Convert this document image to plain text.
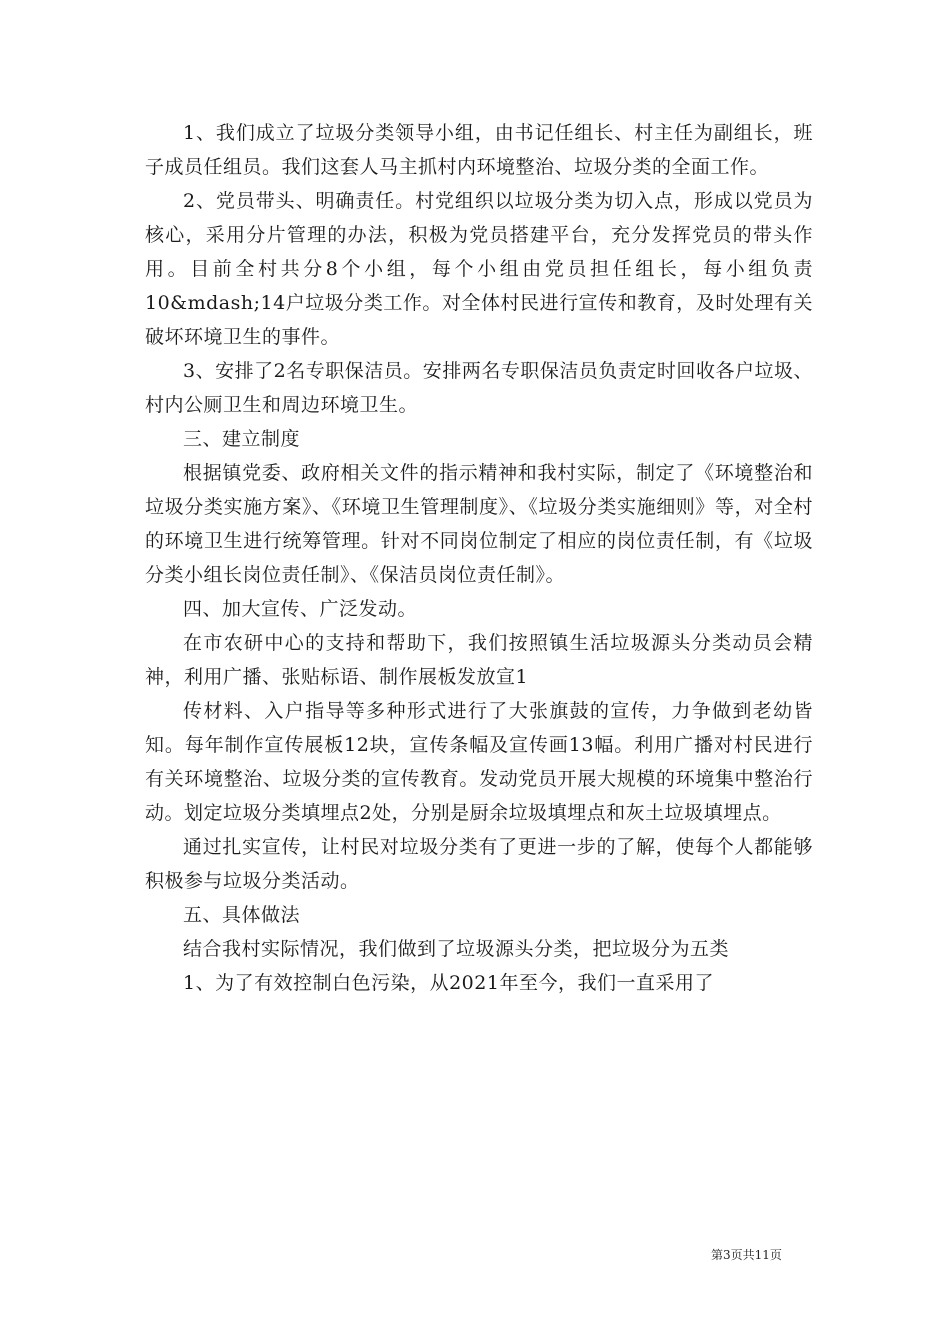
1、我们成立了垃圾分类领导小组，由书记任组长、村主任为副组长，班子成员任组员。我们这套人马主抓村内环境整治、垃圾分类的全面工作。

2、党员带头、明确责任。村党组织以垃圾分类为切入点，形成以党员为核心，采用分片管理的办法，积极为党员搭建平台，充分发挥党员的带头作用。目前全村共分8个小组，每个小组由党员担任组长，每小组负责10&mdash;14户垃圾分类工作。对全体村民进行宣传和教育，及时处理有关破坏环境卫生的事件。

3、安排了2名专职保洁员。安排两名专职保洁员负责定时回收各户垃圾、村内公厕卫生和周边环境卫生。

三、建立制度

根据镇党委、政府相关文件的指示精神和我村实际，制定了《环境整治和垃圾分类实施方案》、《环境卫生管理制度》、《垃圾分类实施细则》等，对全村的环境卫生进行统筹管理。针对不同岗位制定了相应的岗位责任制，有《垃圾分类小组长岗位责任制》、《保洁员岗位责任制》。

四、加大宣传、广泛发动。

在市农研中心的支持和帮助下，我们按照镇生活垃圾源头分类动员会精神，利用广播、张贴标语、制作展板发放宣1

传材料、入户指导等多种形式进行了大张旗鼓的宣传，力争做到老幼皆知。每年制作宣传展板12块，宣传条幅及宣传画13幅。利用广播对村民进行有关环境整治、垃圾分类的宣传教育。发动党员开展大规模的环境集中整治行动。划定垃圾分类填埋点2处，分别是厨余垃圾填埋点和灰土垃圾填埋点。

通过扎实宣传，让村民对垃圾分类有了更进一步的了解，使每个人都能够积极参与垃圾分类活动。

五、具体做法

结合我村实际情况，我们做到了垃圾源头分类，把垃圾分为五类

1、为了有效控制白色污染，从2021年至今，我们一直采用了

第3页共11页
